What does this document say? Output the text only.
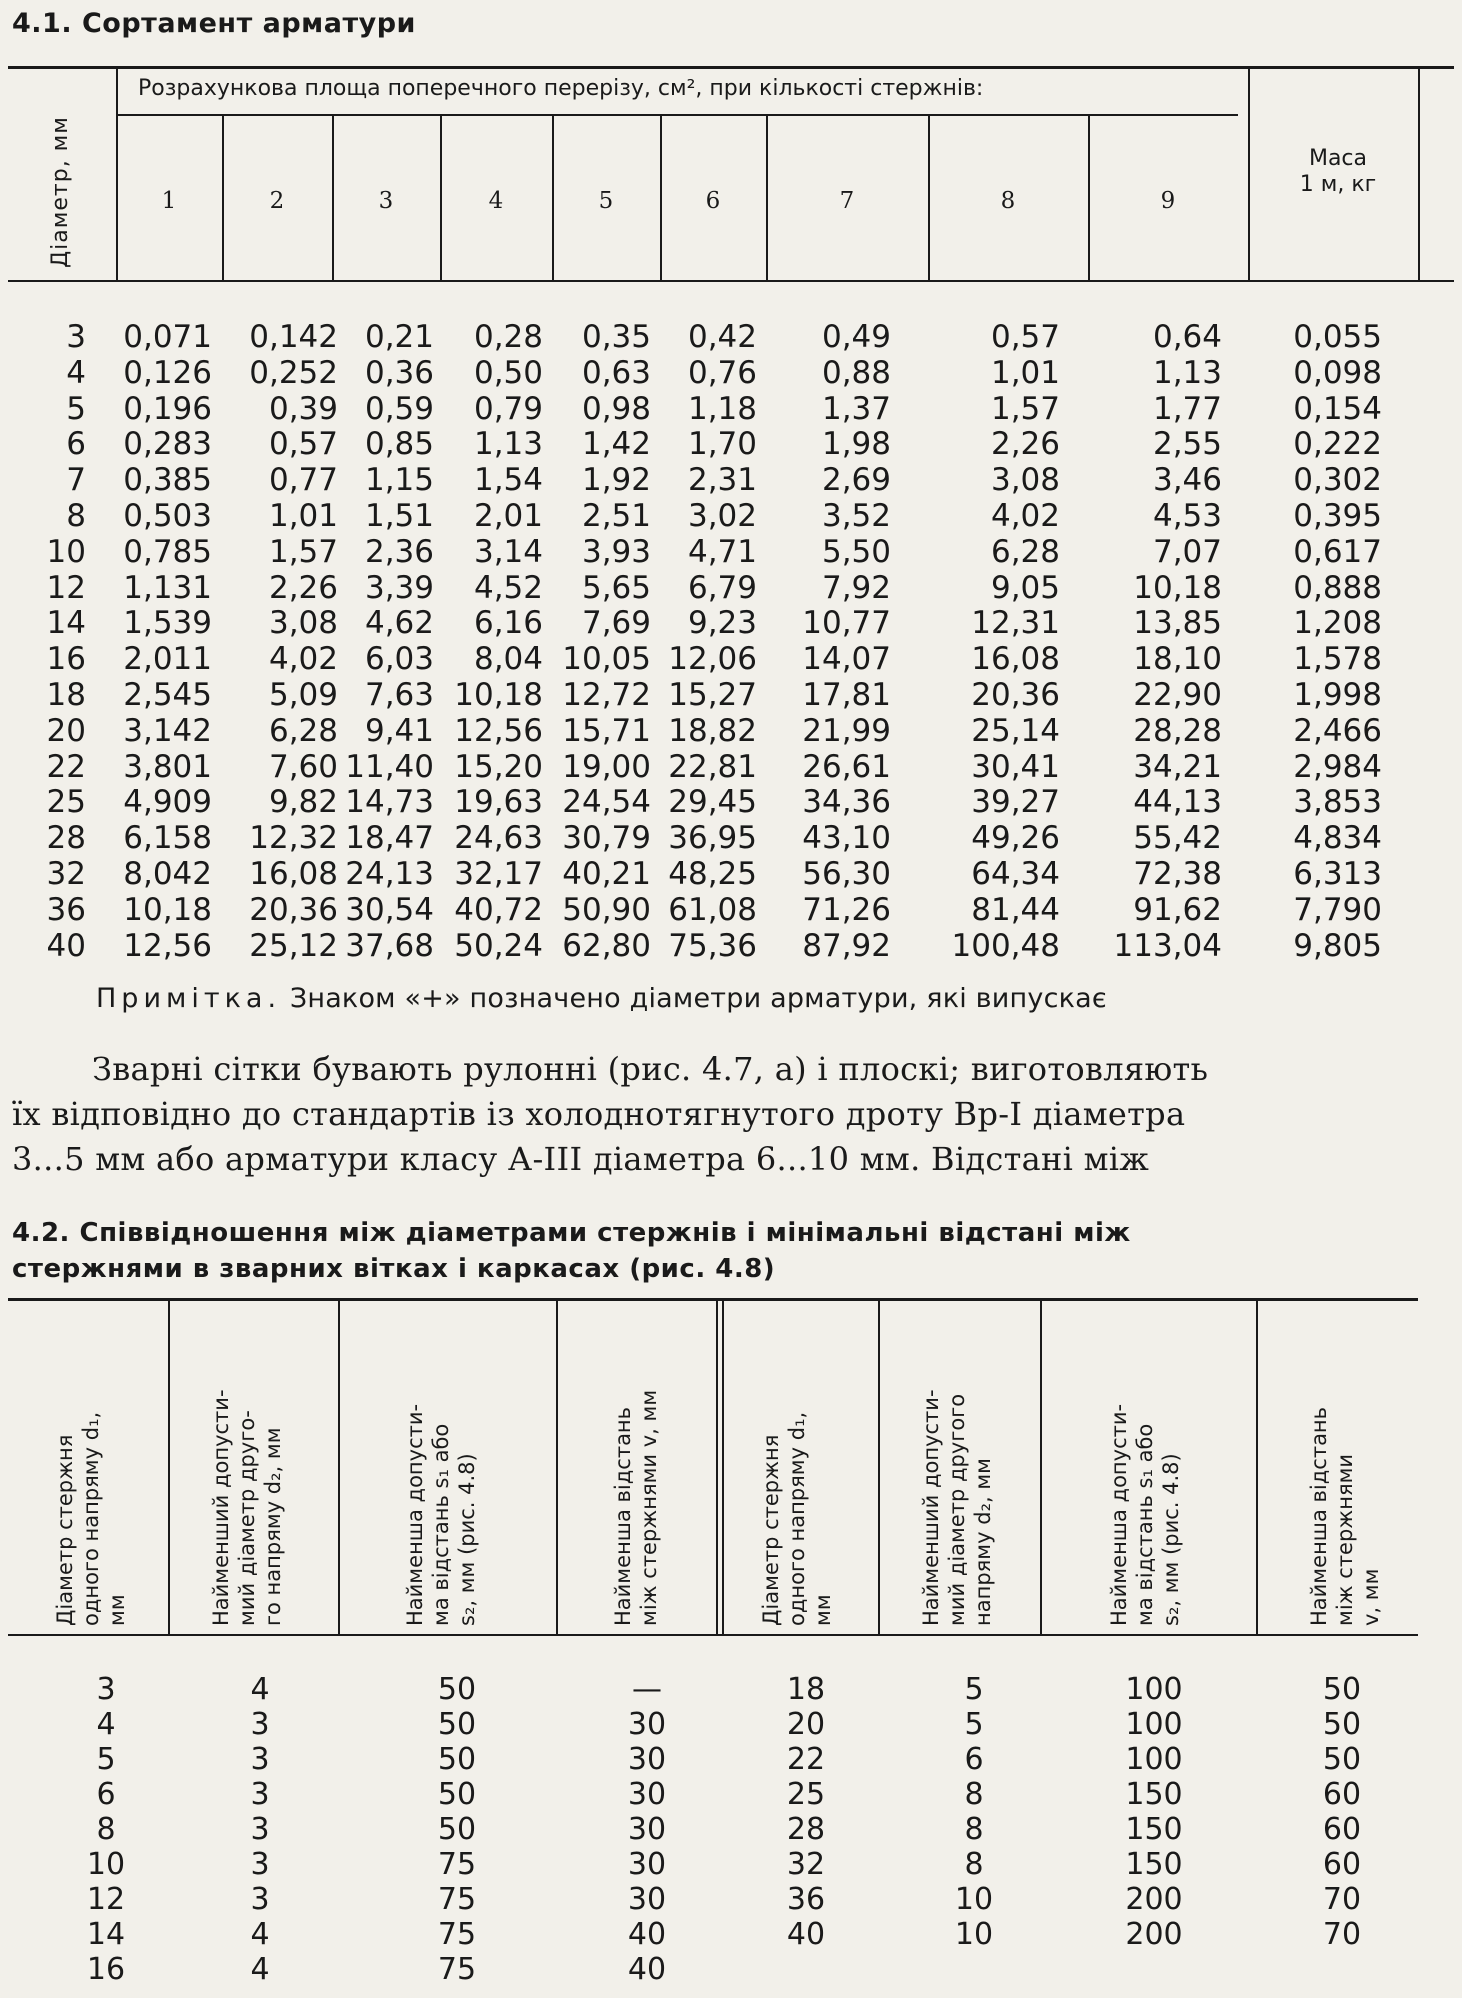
4.1. Сортамент арматури
Діаметр, мм
Розрахункова площа поперечного перерізу, см², при кількості стержнів:
1	2	3	4	5	6	7	8	9
Маса
1 м, кг
3 0,071 0,142 0,21 0,28 0,35 0,42 0,49	0,57	0,64 0,055
4 0,126 0,252 0,36 0,50 0,63 0,76 0,88	1,01	1,13 0,098
5 0,196 0,39 0,59 0,79 0,98 1,18 1,37	1,57	1,77 0,154
6 0,283 0,57 0,85 1,13 1,42 1,70 1,98	2,26	2,55 0,222
7 0,385 0,77 1,15 1,54 1,92 2,31 2,69	3,08	3,46 0,302
8 0,503 1,01 1,51 2,01 2,51 3,02 3,52	4,02	4,53 0,395
10 0,785 1,57 2,36 3,14 3,93 4,71 5,50	6,28	7,07 0,617
12 1,131 2,26 3,39 4,52 5,65 6,79 7,92	9,05 10,18 0,888
14 1,539 3,08 4,62 6,16 7,69 9,23 10,77	12,31 13,85 1,208
16 2,011 4,02 6,03 8,04 10,05 12,06 14,07	16,08 18,10 1,578
18 2,545 5,09 7,63 10,18 12,72 15,27 17,81	20,36 22,90 1,998
20 3,142 6,28 9,41 12,56 15,71 18,82 21,99	25,14 28,28 2,466
22 3,801 7,60 11,40 15,20 19,00 22,81 26,61	30,41 34,21 2,984
25 4,909 9,82 14,73 19,63 24,54 29,45 34,36	39,27 44,13 3,853
28 6,158 12,32 18,47 24,63 30,79 36,95 43,10	49,26 55,42 4,834
32 8,042 16,08 24,13 32,17 40,21 48,25 56,30	64,34 72,38 6,313
36 10,18 20,36 30,54 40,72 50,90 61,08 71,26	81,44 91,62 7,790
40 12,56 25,12 37,68 50,24 62,80 75,36 87,92 100,48 113,04 9,805
Примітка. Знаком «+» позначено діаметри арматури, які випускає
Зварні сітки бувають рулонні (рис. 4.7, а) і плоскі; виготовляють
їх відповідно до стандартів із холоднотягнутого дроту Вр-І діаметра
3...5 мм або арматури класу А-III діаметра 6...10 мм. Відстані між
4.2. Співвідношення між діаметрами стержнів і мінімальні відстані між
стержнями в зварних вітках і каркасах (рис. 4.8)
Діаметр стержня
одного напряму d₁,
мм	Найменший допусти-
мий діаметр друго-
го напряму d₂, мм
Найменша допусти-
ма відстань s₁ або
s₂, мм (рис. 4.8)
Найменша відстань
між стержнями v, мм
Діаметр стержня
одного напряму d₁,
мм	Найменший допусти-
мий діаметр другого
напряму d₂, мм
Найменша допусти-
ма відстань s₁ або
s₂, мм (рис. 4.8)
Найменша відстань
між стержнями
v, мм
3	4	50	—	18	5	100	50
4	3	50	30	20	5	100	50
5	3	50	30	22	6	100	50
6	3	50	30	25	8	150	60
8	3	50	30	28	8	150	60
10	3	75	30	32	8	150	60
12	3	75	30	36	10	200	70
14	4	75	40	40	10	200	70
16	4	75	40
